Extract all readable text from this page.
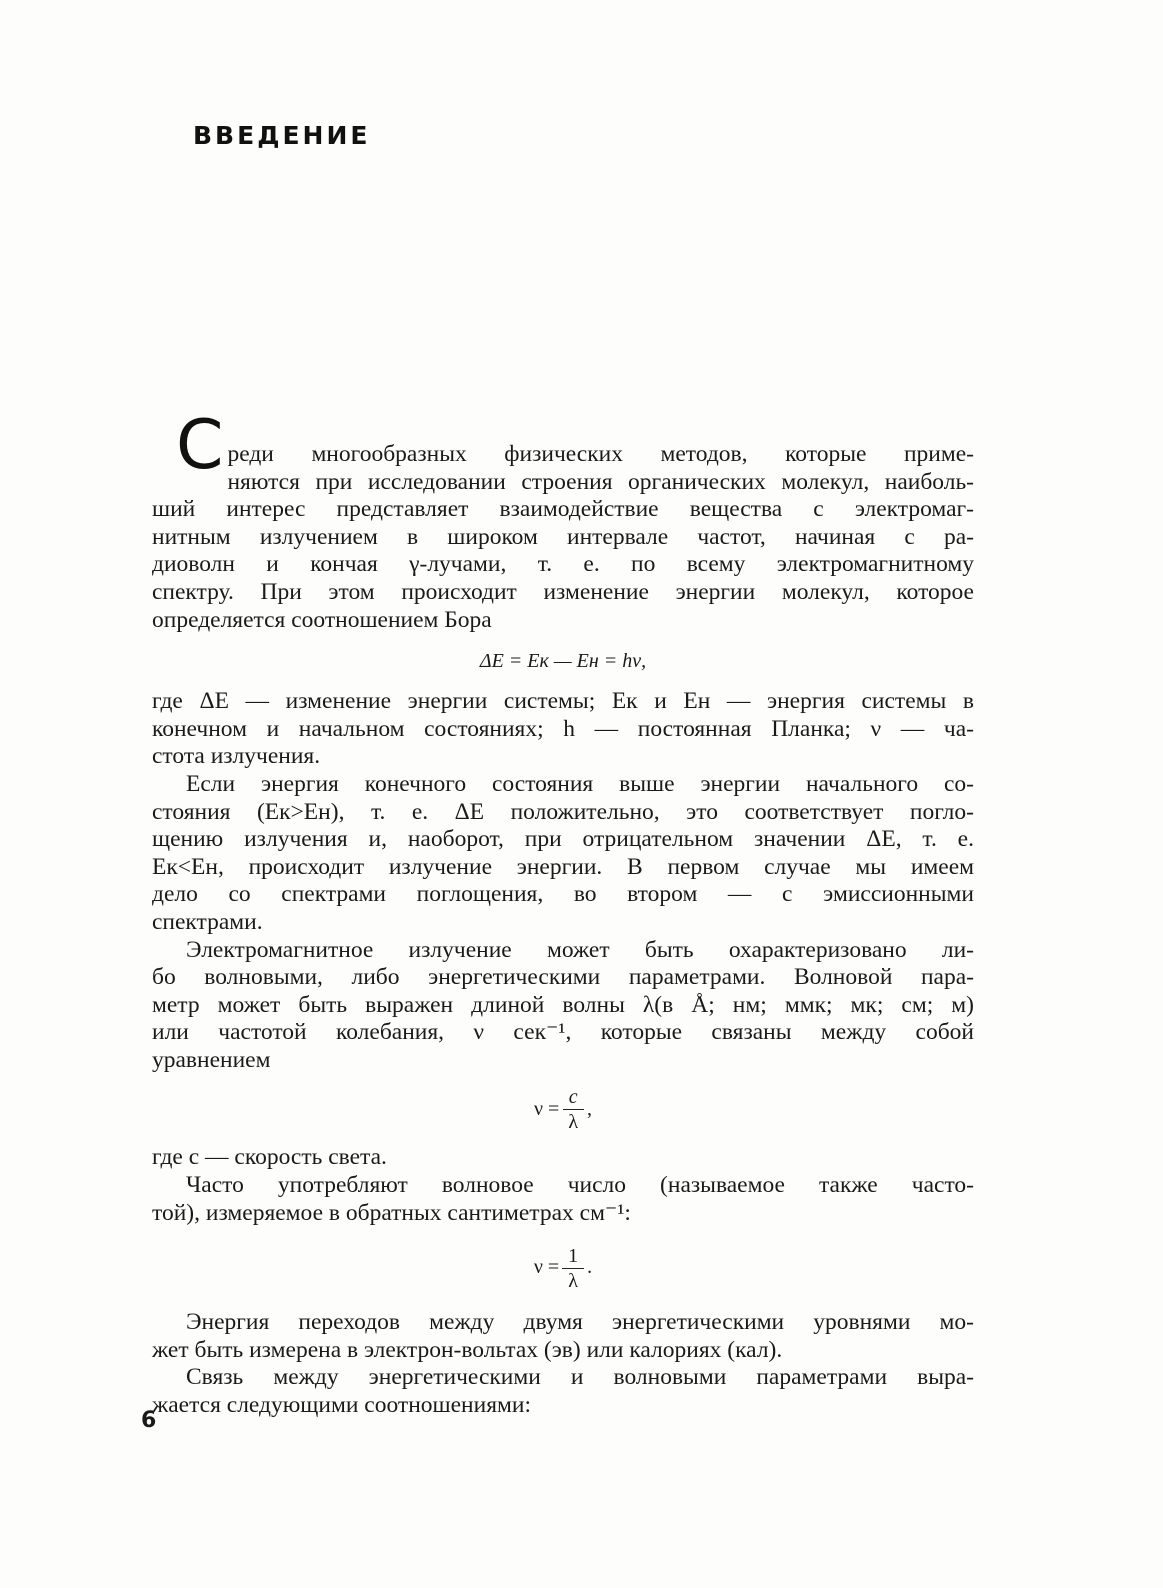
ВВЕДЕНИЕ
С реди многообразных физических методов, которые приме-
няются при исследовании строения органических молекул, наиболь-
ший интерес представляет взаимодействие вещества с электромаг-
нитным излучением в широком интервале частот, начиная с ра-
диоволн и кончая γ-лучами, т. е. по всему электромагнитному
спектру. При этом происходит изменение энергии молекул, которое
определяется соотношением Бора
ΔE = Eк — Eн = hν,
где ΔE — изменение энергии системы; Eк и Eн — энергия системы в
конечном и начальном состояниях; h — постоянная Планка; ν — ча-
стота излучения.
Если энергия конечного состояния выше энергии начального со-
стояния (Eк>Eн), т. е. ΔE положительно, это соответствует погло-
щению излучения и, наоборот, при отрицательном значении ΔE, т. е.
Eк<Eн, происходит излучение энергии. В первом случае мы имеем
дело со спектрами поглощения, во втором — с эмиссионными
спектрами.
Электромагнитное излучение может быть охарактеризовано ли-
бо волновыми, либо энергетическими параметрами. Волновой пара-
метр может быть выражен длиной волны λ(в Å; нм; ммк; мк; см; м)
или частотой колебания, ν сек⁻¹, которые связаны между собой
уравнением
$\nu = \frac{c}{\lambda}$ ,
где c — скорость света.
Часто употребляют волновое число (называемое также часто-
той), измеряемое в обратных сантиметрах см⁻¹:
$\nu = \frac{1}{\lambda}$ .
Энергия переходов между двумя энергетическими уровнями мо-
жет быть измерена в электрон-вольтах (эв) или калориях (кал).
Связь между энергетическими и волновыми параметрами выра-
жается следующими соотношениями:
6
